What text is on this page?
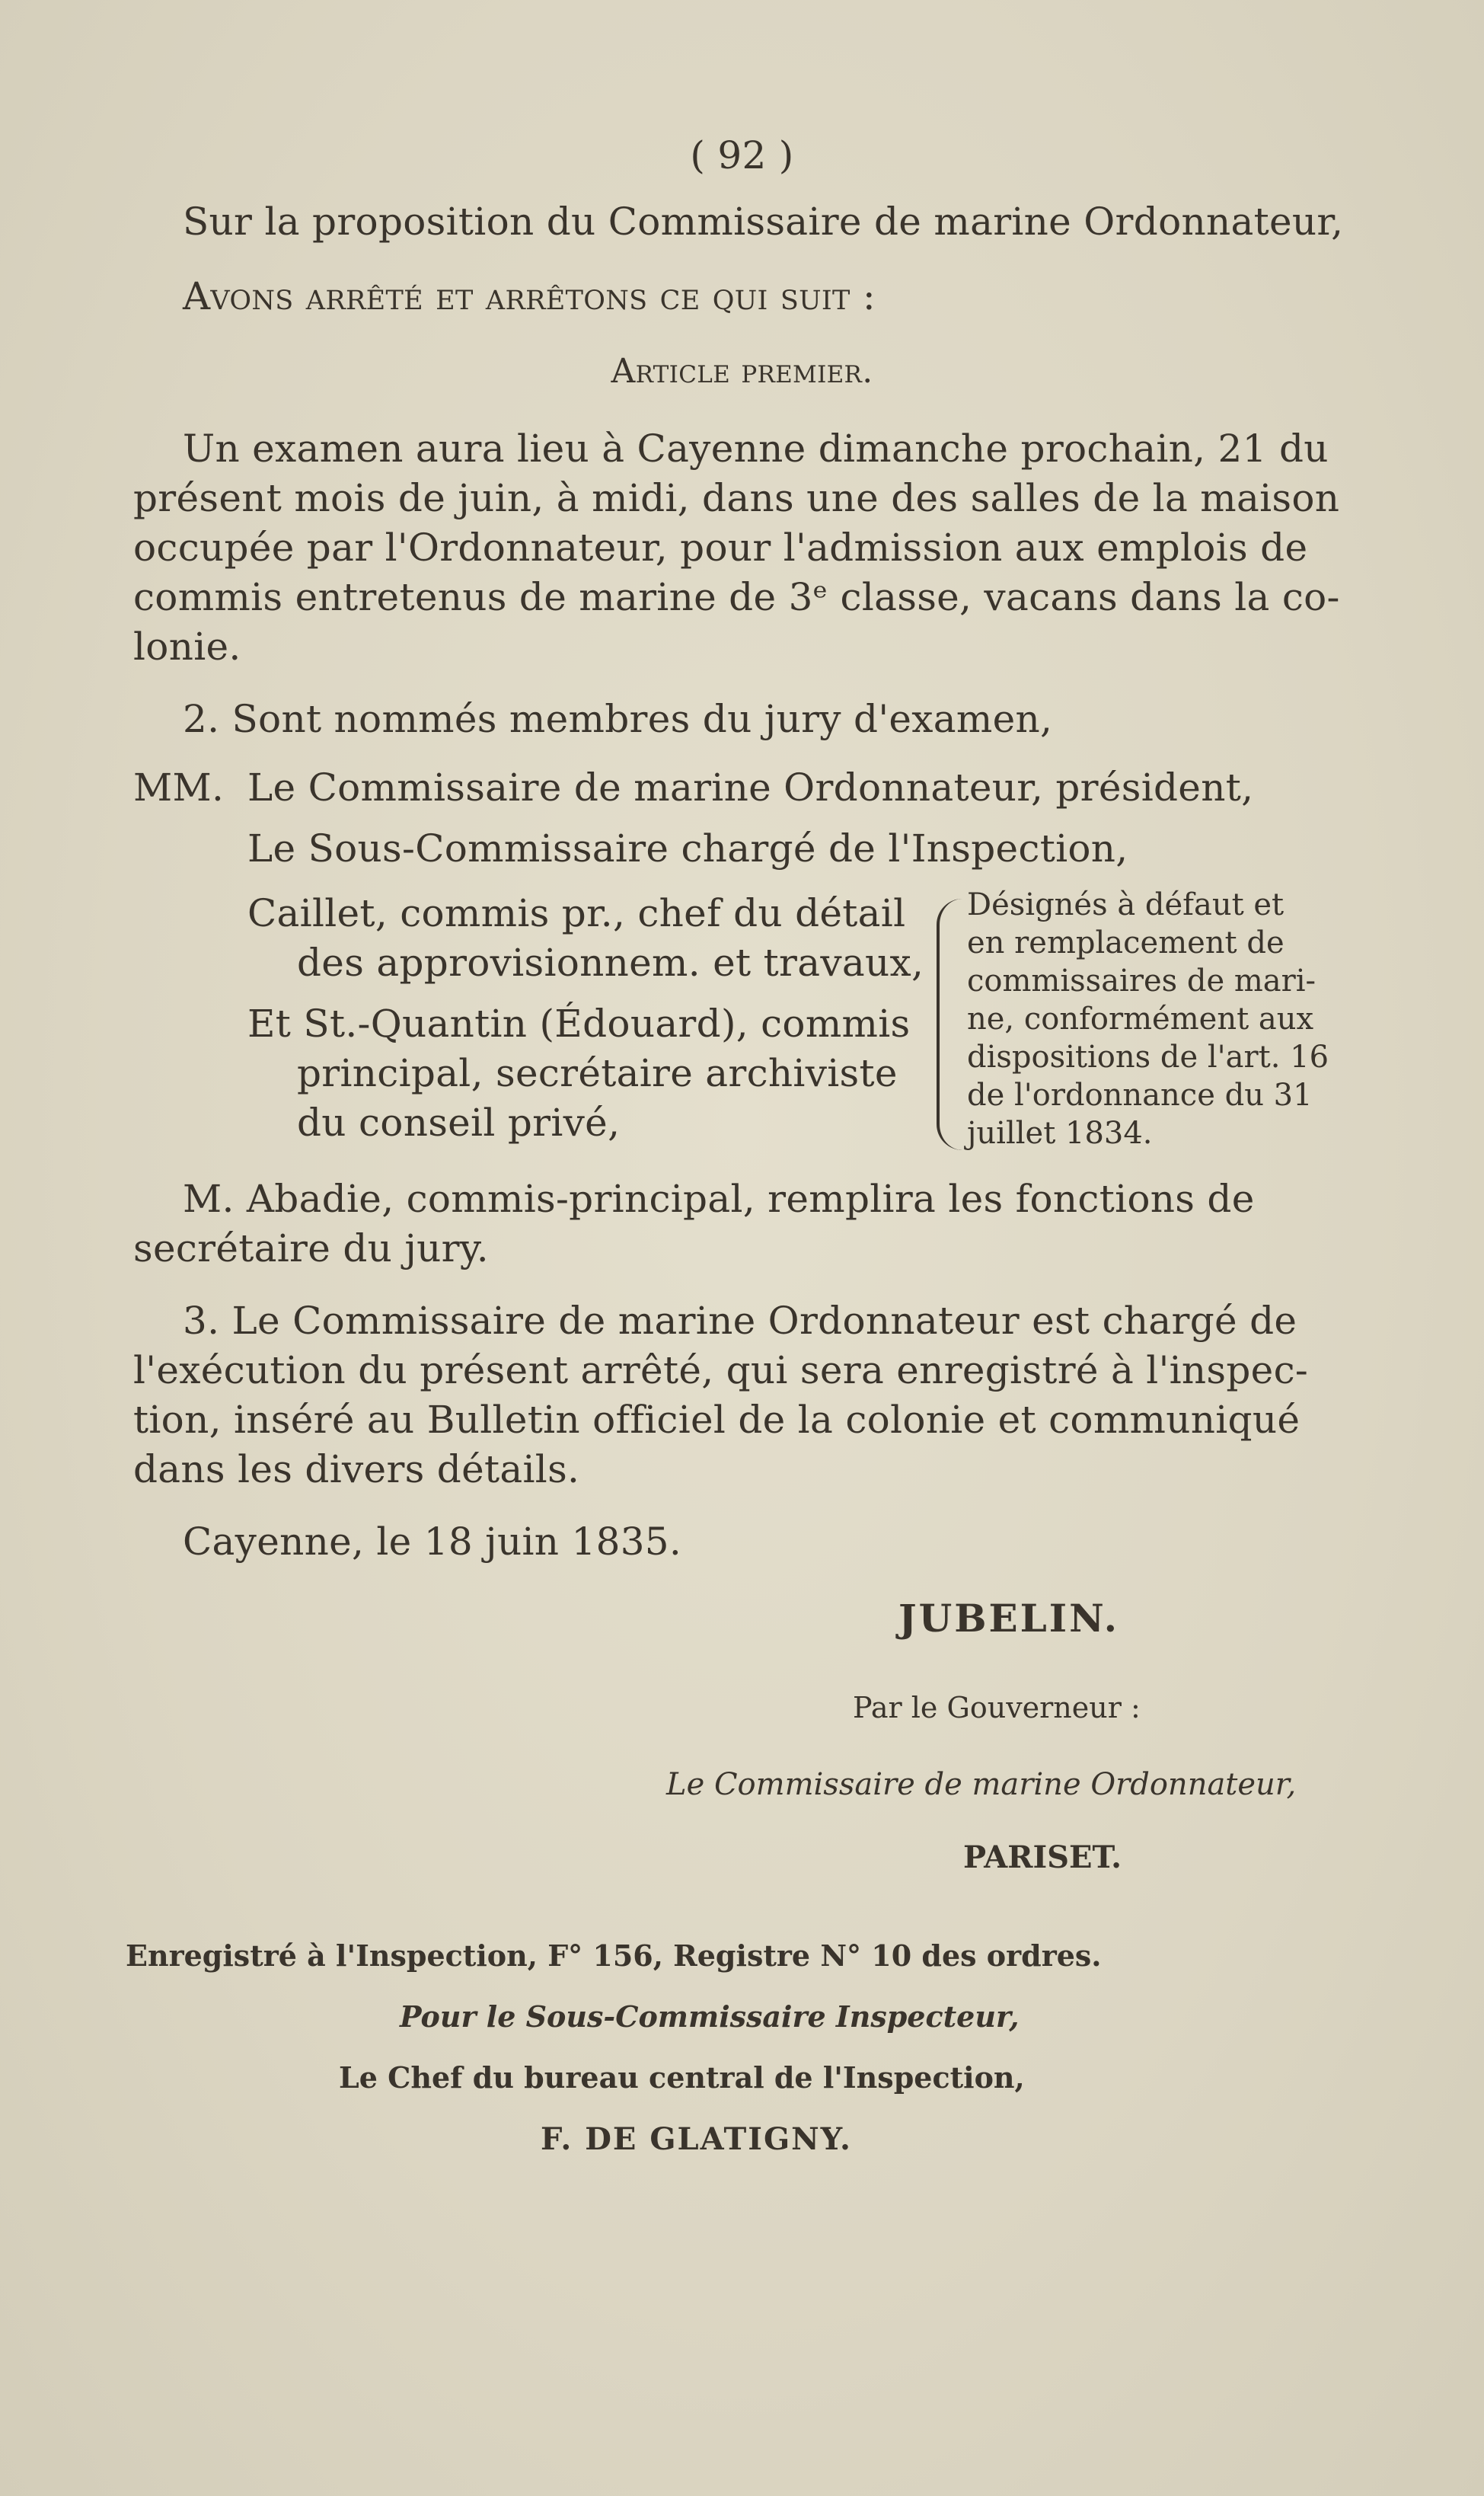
( 92 )
Sur la proposition du Commissaire de marine Ordonnateur,
Avons arrêté et arrêtons ce qui suit :
Article premier.
Un examen aura lieu à Cayenne dimanche prochain, 21 du
présent mois de juin, à midi, dans une des salles de la maison
occupée par l'Ordonnateur, pour l'admission aux emplois de
commis entretenus de marine de 3ᵉ classe, vacans dans la co-
lonie.
2. Sont nommés membres du jury d'examen,
MM. Le Commissaire de marine Ordonnateur, président,
Le Sous-Commissaire chargé de l'Inspection,
Caillet, commis pr., chef du détail
des approvisionnem. et travaux,
Et St.-Quantin (Édouard), commis
principal, secrétaire archiviste
du conseil privé,
Désignés à défaut et
en remplacement de
commissaires de mari-
ne, conformément aux
dispositions de l'art. 16
de l'ordonnance du 31
juillet 1834.
M. Abadie, commis-principal, remplira les fonctions de
secrétaire du jury.
3. Le Commissaire de marine Ordonnateur est chargé de
l'exécution du présent arrêté, qui sera enregistré à l'inspec-
tion, inséré au Bulletin officiel de la colonie et communiqué
dans les divers détails.
Cayenne, le 18 juin 1835.
JUBELIN.
Par le Gouverneur :
Le Commissaire de marine Ordonnateur,
PARISET.
Enregistré à l'Inspection, F° 156, Registre N° 10 des ordres.
Pour le Sous-Commissaire Inspecteur,
Le Chef du bureau central de l'Inspection,
F. DE GLATIGNY.
